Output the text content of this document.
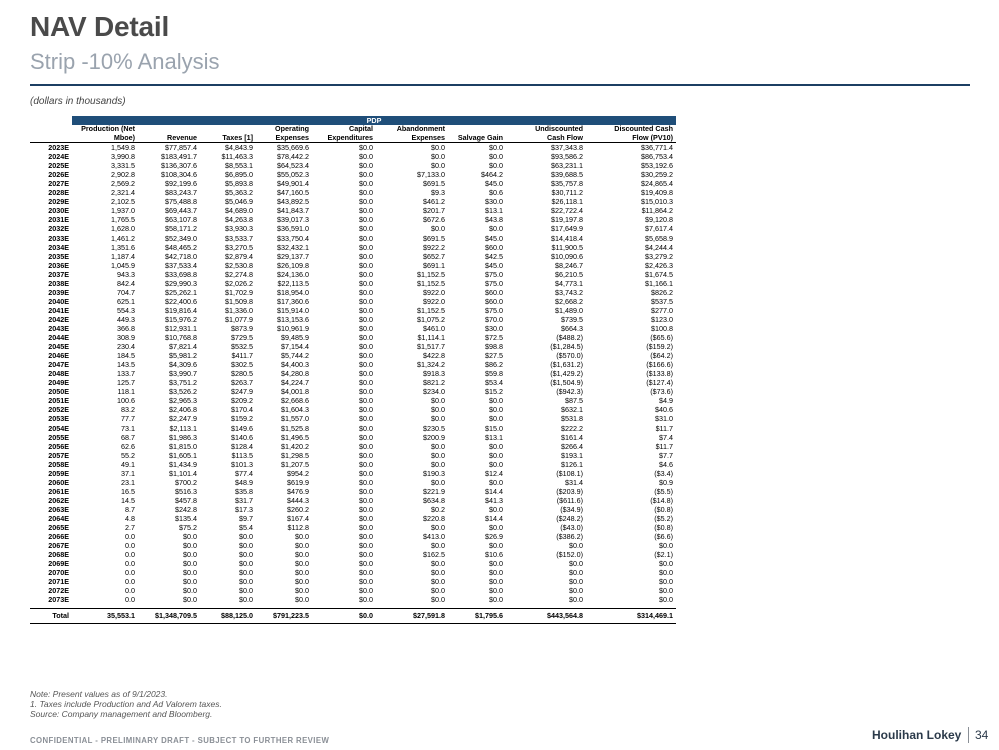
NAV Detail
Strip -10% Analysis
(dollars in thousands)
	PDP								
	Production (Net			Operating	Capital	Abandonment		Undiscounted	Discounted Cash
	Mboe)	Revenue	Taxes [1]	Expenses	Expenditures	Expenses	Salvage Gain	Cash Flow	Flow (PV10)
2023E	1,549.8	$77,857.4	$4,843.9	$35,669.6	$0.0	$0.0	$0.0	$37,343.8	$36,771.4
2024E	3,990.8	$183,491.7	$11,463.3	$78,442.2	$0.0	$0.0	$0.0	$93,586.2	$86,753.4
2025E	3,331.5	$136,307.6	$8,553.1	$64,523.4	$0.0	$0.0	$0.0	$63,231.1	$53,192.6
2026E	2,902.8	$108,304.6	$6,895.0	$55,052.3	$0.0	$7,133.0	$464.2	$39,688.5	$30,259.2
2027E	2,569.2	$92,199.6	$5,893.8	$49,901.4	$0.0	$691.5	$45.0	$35,757.8	$24,865.4
2028E	2,321.4	$83,243.7	$5,363.2	$47,160.5	$0.0	$9.3	$0.6	$30,711.2	$19,409.8
2029E	2,102.5	$75,488.8	$5,046.9	$43,892.5	$0.0	$461.2	$30.0	$26,118.1	$15,010.3
2030E	1,937.0	$69,443.7	$4,689.0	$41,843.7	$0.0	$201.7	$13.1	$22,722.4	$11,864.2
2031E	1,765.5	$63,107.8	$4,263.8	$39,017.3	$0.0	$672.6	$43.8	$19,197.8	$9,120.8
2032E	1,628.0	$58,171.2	$3,930.3	$36,591.0	$0.0	$0.0	$0.0	$17,649.9	$7,617.4
2033E	1,461.2	$52,349.0	$3,533.7	$33,750.4	$0.0	$691.5	$45.0	$14,418.4	$5,658.9
2034E	1,351.6	$48,465.2	$3,270.5	$32,432.1	$0.0	$922.2	$60.0	$11,900.5	$4,244.4
2035E	1,187.4	$42,718.0	$2,879.4	$29,137.7	$0.0	$652.7	$42.5	$10,090.6	$3,279.2
2036E	1,045.9	$37,533.4	$2,530.8	$26,109.8	$0.0	$691.1	$45.0	$8,246.7	$2,426.3
2037E	943.3	$33,698.8	$2,274.8	$24,136.0	$0.0	$1,152.5	$75.0	$6,210.5	$1,674.5
2038E	842.4	$29,990.3	$2,026.2	$22,113.5	$0.0	$1,152.5	$75.0	$4,773.1	$1,166.1
2039E	704.7	$25,262.1	$1,702.9	$18,954.0	$0.0	$922.0	$60.0	$3,743.2	$826.2
2040E	625.1	$22,400.6	$1,509.8	$17,360.6	$0.0	$922.0	$60.0	$2,668.2	$537.5
2041E	554.3	$19,816.4	$1,336.0	$15,914.0	$0.0	$1,152.5	$75.0	$1,489.0	$277.0
2042E	449.3	$15,976.2	$1,077.9	$13,153.6	$0.0	$1,075.2	$70.0	$739.5	$123.0
2043E	366.8	$12,931.1	$873.9	$10,961.9	$0.0	$461.0	$30.0	$664.3	$100.8
2044E	308.9	$10,768.8	$729.5	$9,485.9	$0.0	$1,114.1	$72.5	($488.2)	($65.6)
2045E	230.4	$7,821.4	$532.5	$7,154.4	$0.0	$1,517.7	$98.8	($1,284.5)	($159.2)
2046E	184.5	$5,981.2	$411.7	$5,744.2	$0.0	$422.8	$27.5	($570.0)	($64.2)
2047E	143.5	$4,309.6	$302.5	$4,400.3	$0.0	$1,324.2	$86.2	($1,631.2)	($166.6)
2048E	133.7	$3,990.7	$280.5	$4,280.8	$0.0	$918.3	$59.8	($1,429.2)	($133.8)
2049E	125.7	$3,751.2	$263.7	$4,224.7	$0.0	$821.2	$53.4	($1,504.9)	($127.4)
2050E	118.1	$3,526.2	$247.9	$4,001.8	$0.0	$234.0	$15.2	($942.3)	($73.6)
2051E	100.6	$2,965.3	$209.2	$2,668.6	$0.0	$0.0	$0.0	$87.5	$4.9
2052E	83.2	$2,406.8	$170.4	$1,604.3	$0.0	$0.0	$0.0	$632.1	$40.6
2053E	77.7	$2,247.9	$159.2	$1,557.0	$0.0	$0.0	$0.0	$531.8	$31.0
2054E	73.1	$2,113.1	$149.6	$1,525.8	$0.0	$230.5	$15.0	$222.2	$11.7
2055E	68.7	$1,986.3	$140.6	$1,496.5	$0.0	$200.9	$13.1	$161.4	$7.4
2056E	62.6	$1,815.0	$128.4	$1,420.2	$0.0	$0.0	$0.0	$266.4	$11.7
2057E	55.2	$1,605.1	$113.5	$1,298.5	$0.0	$0.0	$0.0	$193.1	$7.7
2058E	49.1	$1,434.9	$101.3	$1,207.5	$0.0	$0.0	$0.0	$126.1	$4.6
2059E	37.1	$1,101.4	$77.4	$954.2	$0.0	$190.3	$12.4	($108.1)	($3.4)
2060E	23.1	$700.2	$48.9	$619.9	$0.0	$0.0	$0.0	$31.4	$0.9
2061E	16.5	$516.3	$35.8	$476.9	$0.0	$221.9	$14.4	($203.9)	($5.5)
2062E	14.5	$457.8	$31.7	$444.3	$0.0	$634.8	$41.3	($611.6)	($14.8)
2063E	8.7	$242.8	$17.3	$260.2	$0.0	$0.2	$0.0	($34.9)	($0.8)
2064E	4.8	$135.4	$9.7	$167.4	$0.0	$220.8	$14.4	($248.2)	($5.2)
2065E	2.7	$75.2	$5.4	$112.8	$0.0	$0.0	$0.0	($43.0)	($0.8)
2066E	0.0	$0.0	$0.0	$0.0	$0.0	$413.0	$26.9	($386.2)	($6.6)
2067E	0.0	$0.0	$0.0	$0.0	$0.0	$0.0	$0.0	$0.0	$0.0
2068E	0.0	$0.0	$0.0	$0.0	$0.0	$162.5	$10.6	($152.0)	($2.1)
2069E	0.0	$0.0	$0.0	$0.0	$0.0	$0.0	$0.0	$0.0	$0.0
2070E	0.0	$0.0	$0.0	$0.0	$0.0	$0.0	$0.0	$0.0	$0.0
2071E	0.0	$0.0	$0.0	$0.0	$0.0	$0.0	$0.0	$0.0	$0.0
2072E	0.0	$0.0	$0.0	$0.0	$0.0	$0.0	$0.0	$0.0	$0.0
2073E	0.0	$0.0	$0.0	$0.0	$0.0	$0.0	$0.0	$0.0	$0.0

Total	35,553.1	$1,348,709.5	$88,125.0	$791,223.5	$0.0	$27,591.8	$1,795.6	$443,564.8	$314,469.1
Note: Present values as of 9/1/2023.
1. Taxes include Production and Ad Valorem taxes.
Source: Company management and Bloomberg.
CONFIDENTIAL - PRELIMINARY DRAFT - SUBJECT TO FURTHER REVIEW	Houlihan Lokey 34
